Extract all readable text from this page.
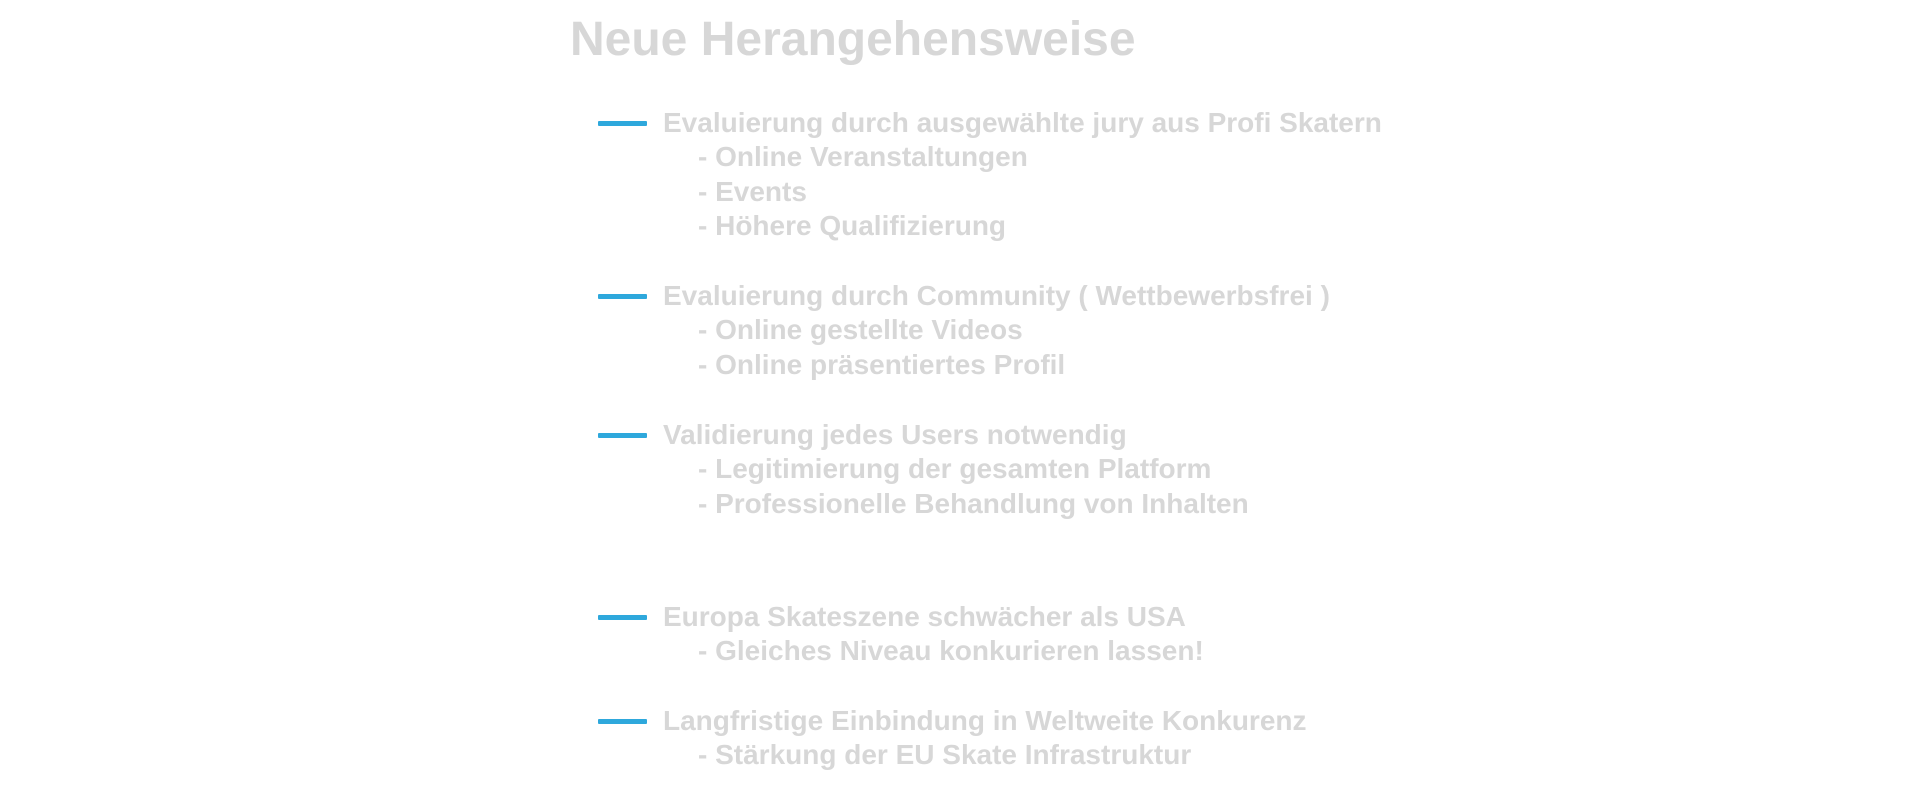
Neue Herangehensweise
Evaluierung durch ausgewählte jury aus Profi Skatern
- Online Veranstaltungen
- Events
- Höhere Qualifizierung
Evaluierung durch Community ( Wettbewerbsfrei )
- Online gestellte Videos
- Online präsentiertes Profil
Validierung jedes Users notwendig
- Legitimierung der gesamten Platform
- Professionelle Behandlung von Inhalten
Europa Skateszene schwächer als USA
- Gleiches Niveau konkurieren lassen!
Langfristige Einbindung in Weltweite Konkurenz
- Stärkung der EU Skate Infrastruktur
